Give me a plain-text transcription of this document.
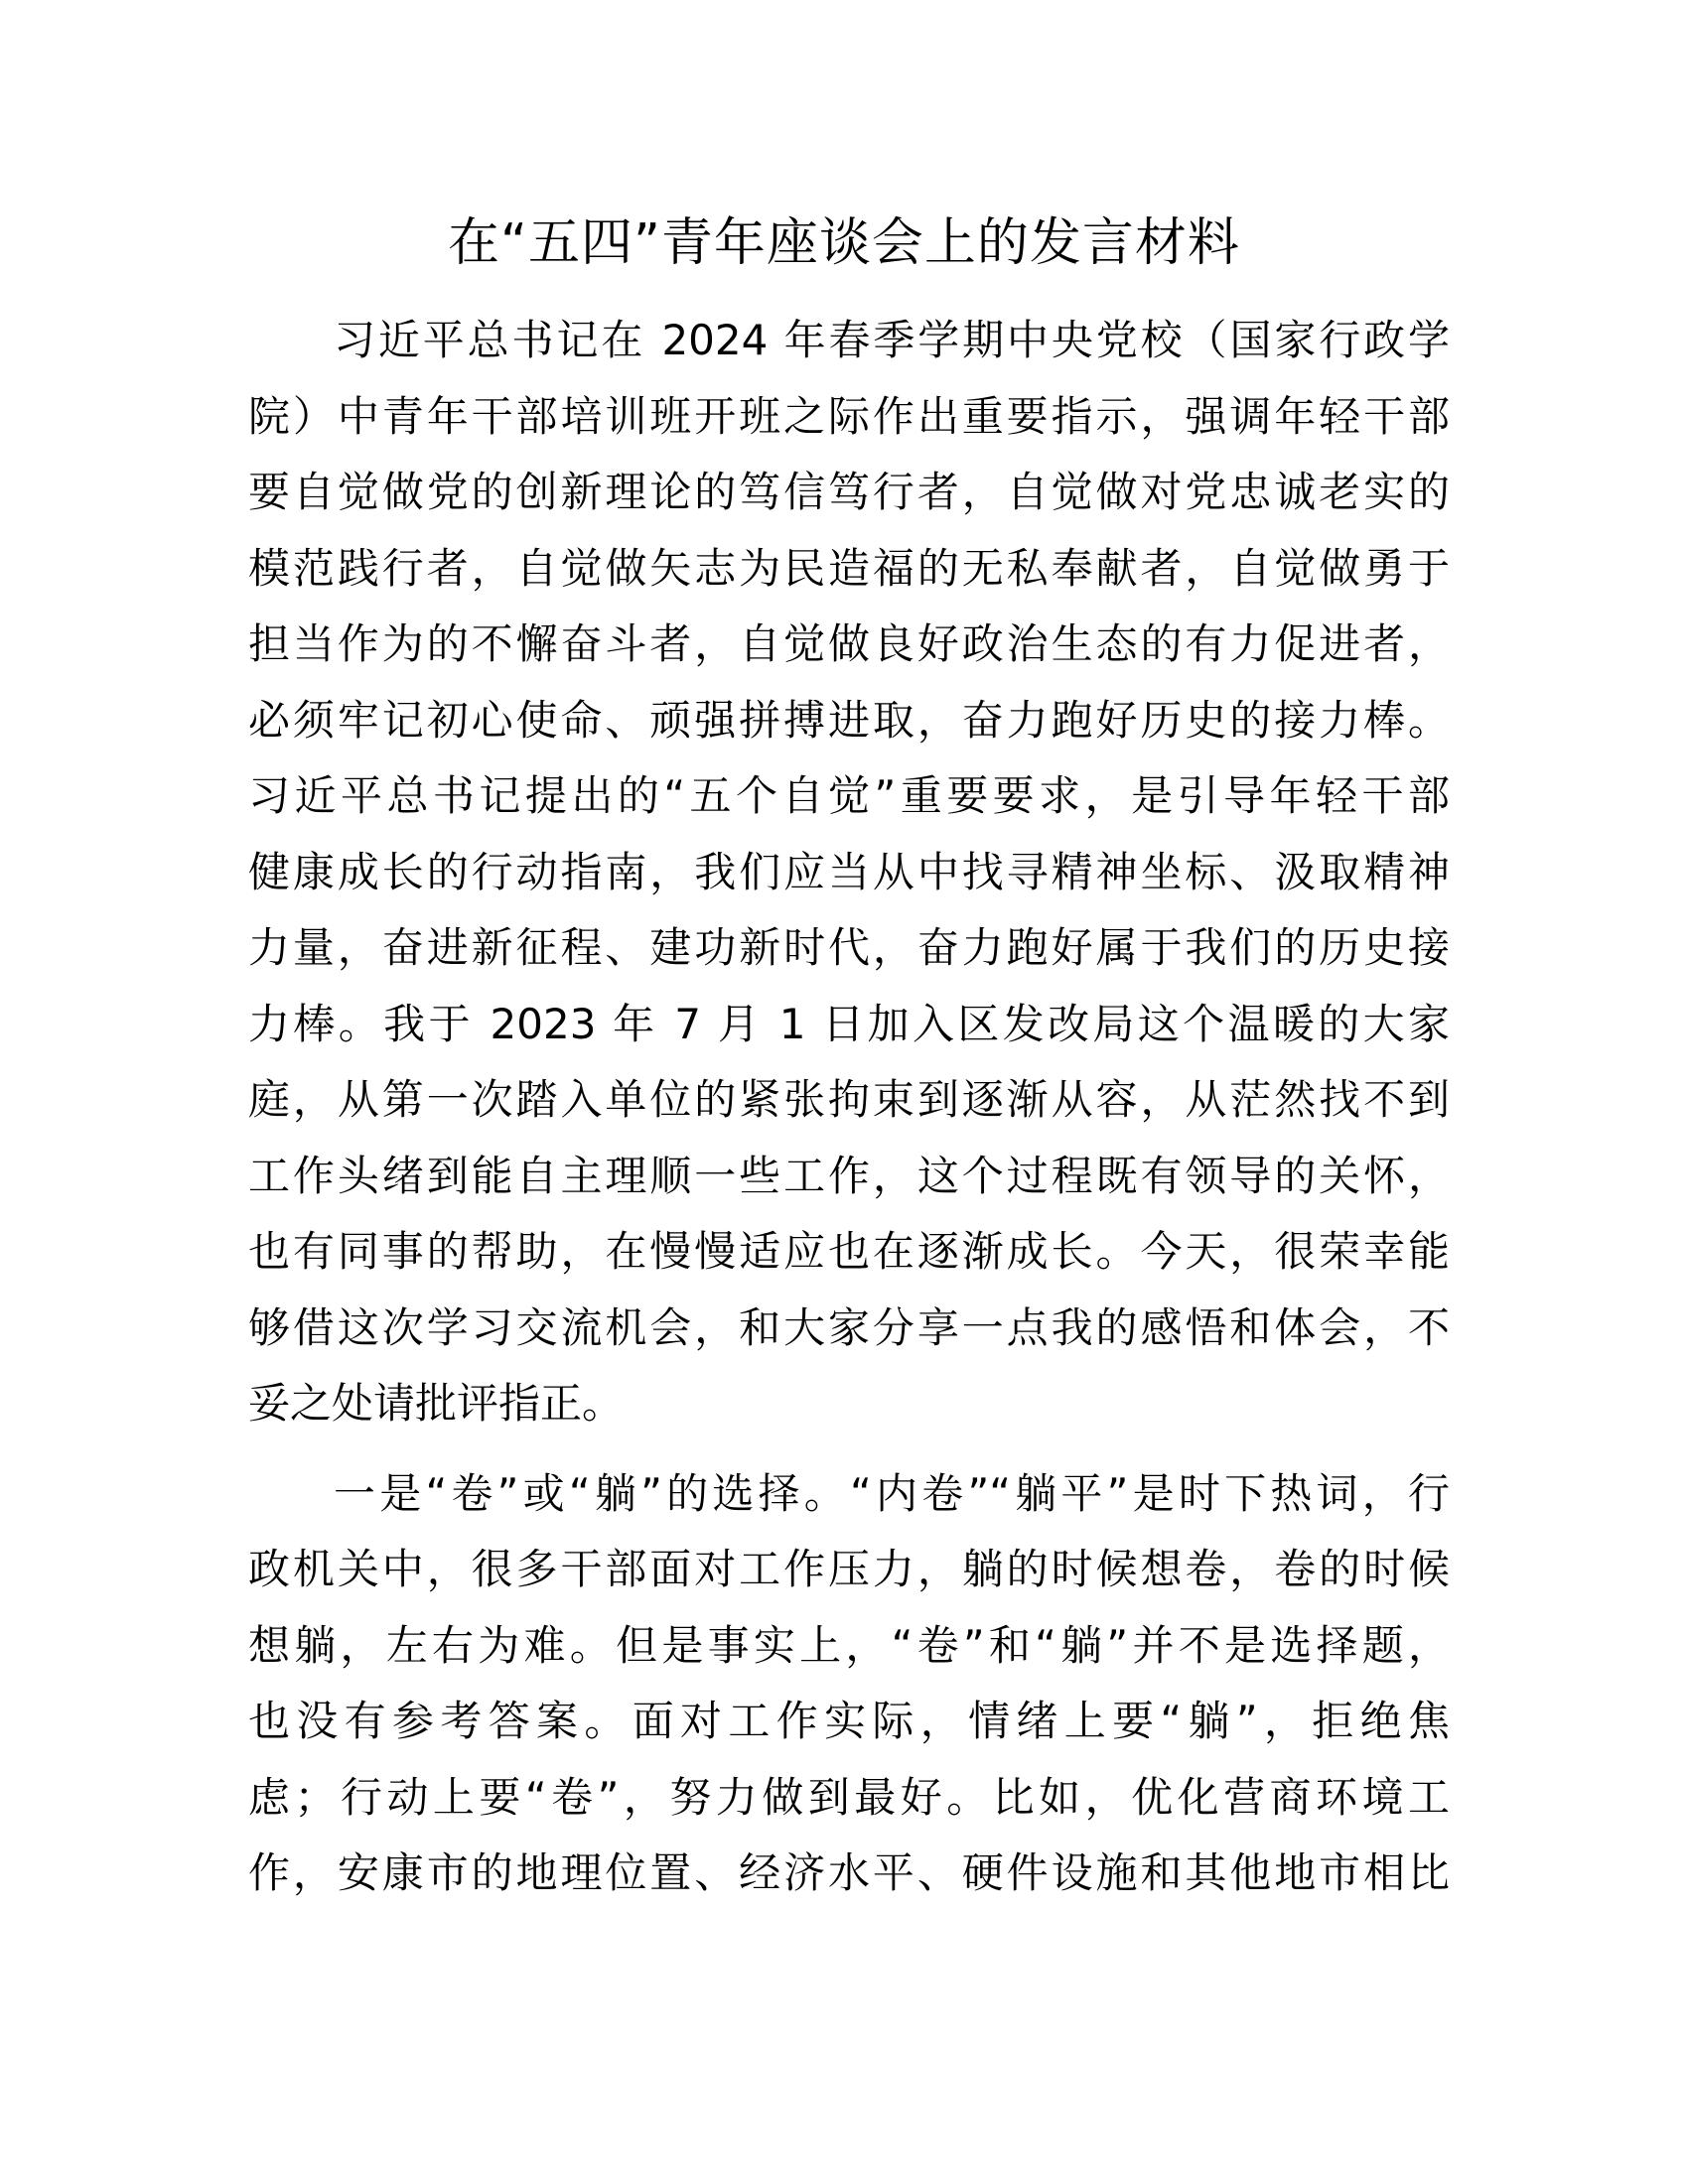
在“五四”青年座谈会上的发言材料
习近平总书记在 2024 年春季学期中央党校（国家行政学
院）中青年干部培训班开班之际作出重要指示，强调年轻干部
要自觉做党的创新理论的笃信笃行者，自觉做对党忠诚老实的
模范践行者，自觉做矢志为民造福的无私奉献者，自觉做勇于
担当作为的不懈奋斗者，自觉做良好政治生态的有力促进者，
必须牢记初心使命、顽强拼搏进取，奋力跑好历史的接力棒。
习近平总书记提出的“五个自觉”重要要求，是引导年轻干部
健康成长的行动指南，我们应当从中找寻精神坐标、汲取精神
力量，奋进新征程、建功新时代，奋力跑好属于我们的历史接
力棒。我于 2023 年 7 月 1 日加入区发改局这个温暖的大家
庭，从第一次踏入单位的紧张拘束到逐渐从容，从茫然找不到
工作头绪到能自主理顺一些工作，这个过程既有领导的关怀，
也有同事的帮助，在慢慢适应也在逐渐成长。今天，很荣幸能
够借这次学习交流机会，和大家分享一点我的感悟和体会，不
妥之处请批评指正。
一是“卷”或“躺”的选择。“内卷”“躺平”是时下热词，行
政机关中，很多干部面对工作压力，躺的时候想卷，卷的时候
想躺，左右为难。但是事实上，“卷”和“躺”并不是选择题，
也没有参考答案。面对工作实际，情绪上要“躺”，拒绝焦
虑；行动上要“卷”，努力做到最好。比如，优化营商环境工
作，安康市的地理位置、经济水平、硬件设施和其他地市相比
